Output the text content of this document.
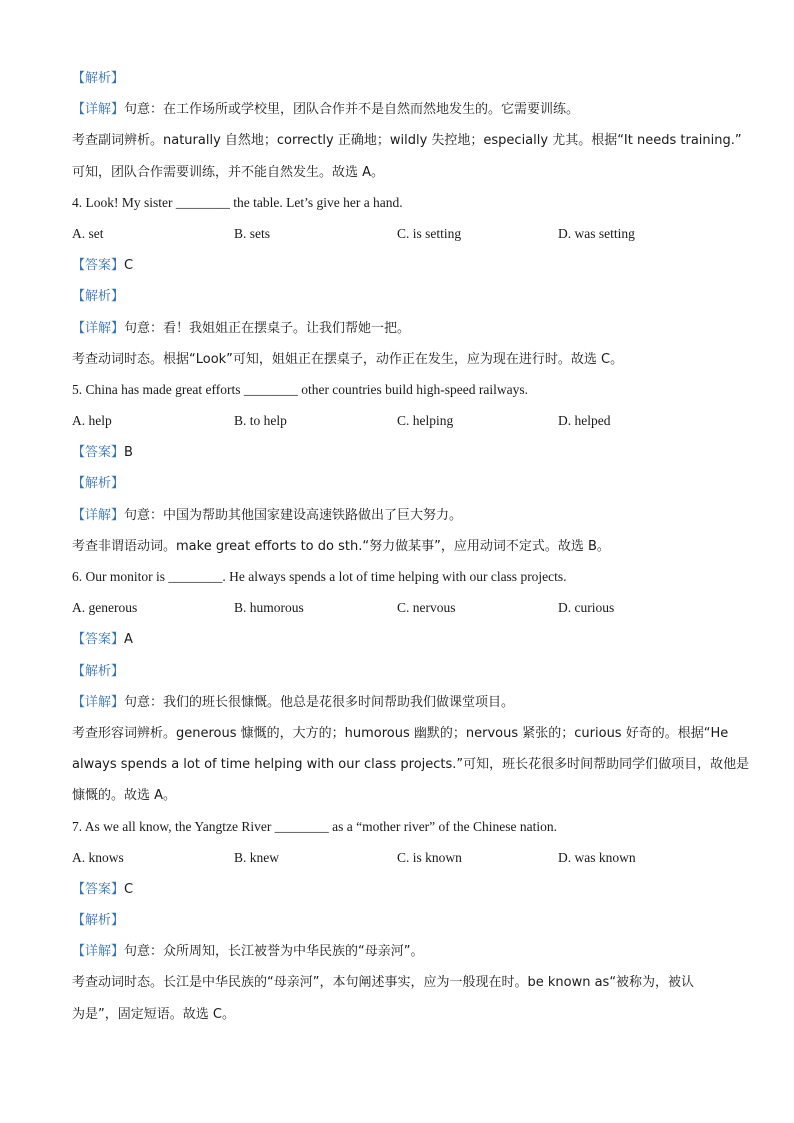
【解析】
【详解】句意：在工作场所或学校里，团队合作并不是自然而然地发生的。它需要训练。
考查副词辨析。naturally 自然地；correctly 正确地；wildly 失控地；especially 尤其。根据“It needs training.”
可知，团队合作需要训练，并不能自然发生。故选 A。
4. Look! My sister ________ the table. Let’s give her a hand.
A. set	B. sets	C. is setting	D. was setting
【答案】C
【解析】
【详解】句意：看！我姐姐正在摆桌子。让我们帮她一把。
考查动词时态。根据“Look”可知，姐姐正在摆桌子，动作正在发生，应为现在进行时。故选 C。
5. China has made great efforts ________ other countries build high-speed railways.
A. help	B. to help	C. helping	D. helped
【答案】B
【解析】
【详解】句意：中国为帮助其他国家建设高速铁路做出了巨大努力。
考查非谓语动词。make great efforts to do sth.“努力做某事”，应用动词不定式。故选 B。
6. Our monitor is ________. He always spends a lot of time helping with our class projects.
A. generous	B. humorous	C. nervous	D. curious
【答案】A
【解析】
【详解】句意：我们的班长很慷慨。他总是花很多时间帮助我们做课堂项目。
考查形容词辨析。generous 慷慨的，大方的；humorous 幽默的；nervous 紧张的；curious 好奇的。根据“He
always spends a lot of time helping with our class projects.”可知，班长花很多时间帮助同学们做项目，故他是
慷慨的。故选 A。
7. As we all know, the Yangtze River ________ as a “mother river” of the Chinese nation.
A. knows	B. knew	C. is known	D. was known
【答案】C
【解析】
【详解】句意：众所周知，长江被誉为中华民族的“母亲河”。
考查动词时态。长江是中华民族的“母亲河”，本句阐述事实，应为一般现在时。be known as“被称为，被认
为是”，固定短语。故选 C。
